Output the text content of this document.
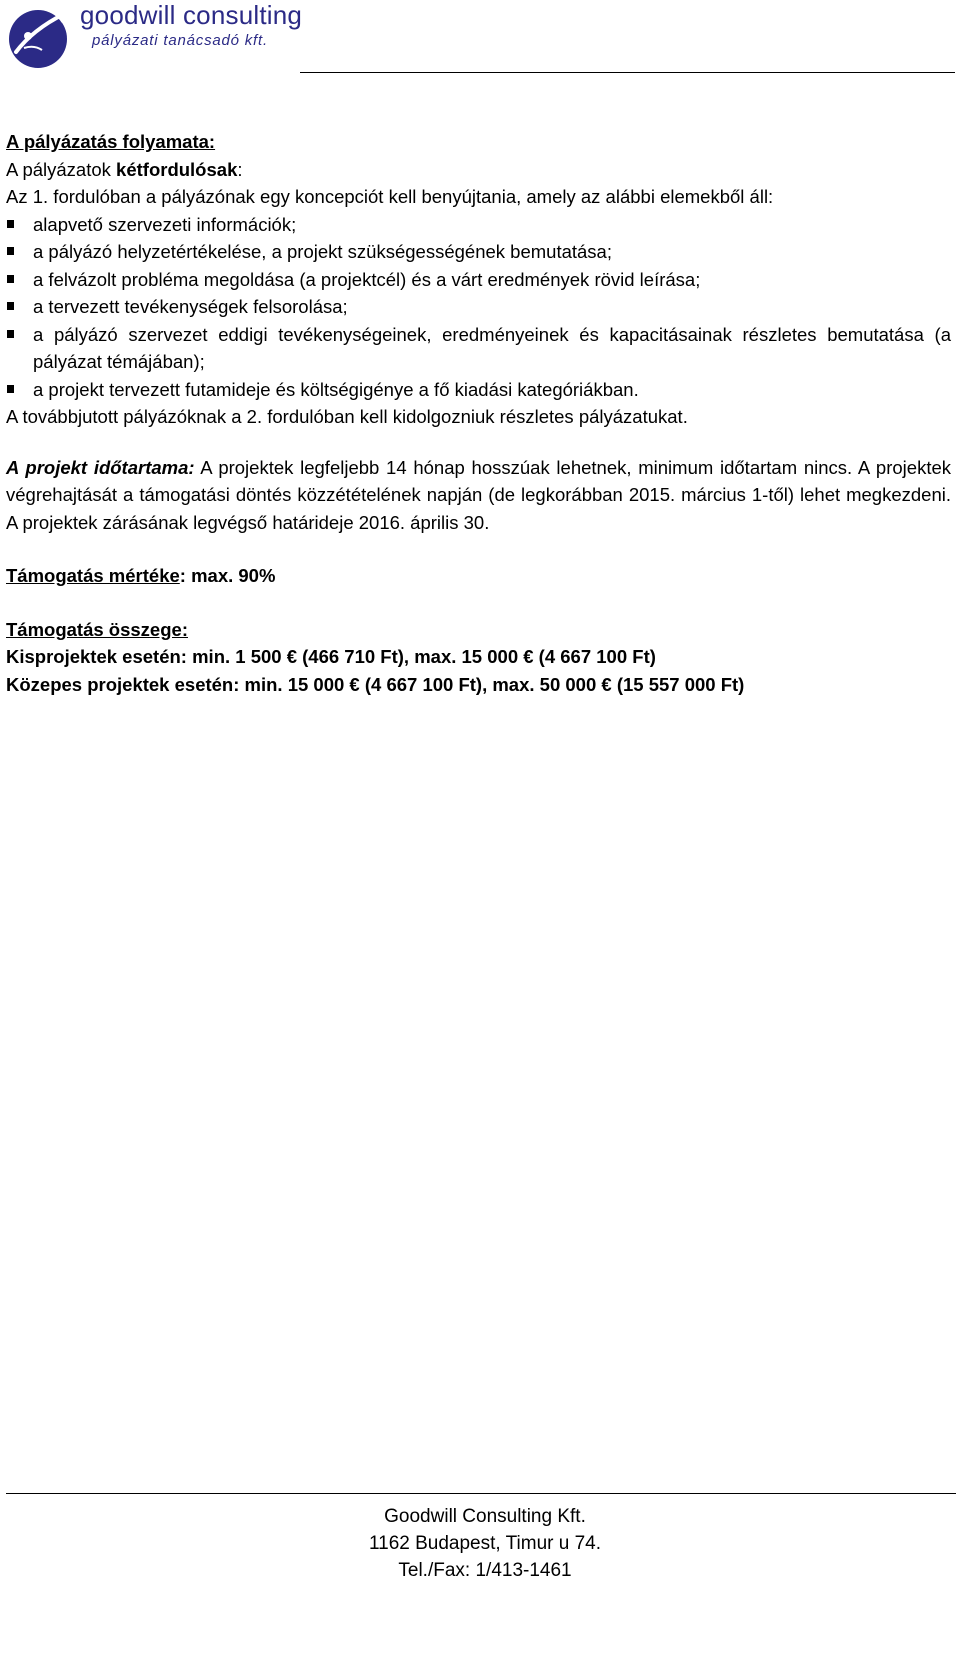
goodwill consulting
pályázati tanácsadó kft.
A pályázatás folyamata:
A pályázatok kétfordulósak:
Az 1. fordulóban a pályázónak egy koncepciót kell benyújtania, amely az alábbi elemekből áll:
alapvető szervezeti információk;
a pályázó helyzetértékelése, a projekt szükségességének bemutatása;
a felvázolt probléma megoldása (a projektcél) és a várt eredmények rövid leírása;
a tervezett tevékenységek felsorolása;
a pályázó szervezet eddigi tevékenységeinek, eredményeinek és kapacitásainak részletes bemutatása (a pályázat témájában);
a projekt tervezett futamideje és költségigénye a fő kiadási kategóriákban.
A továbbjutott pályázóknak a 2. fordulóban kell kidolgozniuk részletes pályázatukat.
A projekt időtartama: A projektek legfeljebb 14 hónap hosszúak lehetnek, minimum időtartam nincs. A projektek végrehajtását a támogatási döntés közzétételének napján (de legkorábban 2015. március 1-től) lehet megkezdeni. A projektek zárásának legvégső határideje 2016. április 30.
Támogatás mértéke: max. 90%
Támogatás összege:
Kisprojektek esetén: min. 1 500 € (466 710 Ft), max. 15 000 € (4 667 100 Ft)
Közepes projektek esetén: min. 15 000 € (4 667 100 Ft), max. 50 000 € (15 557 000 Ft)
Goodwill Consulting Kft.
1162 Budapest, Timur u 74.
Tel./Fax: 1/413-1461
